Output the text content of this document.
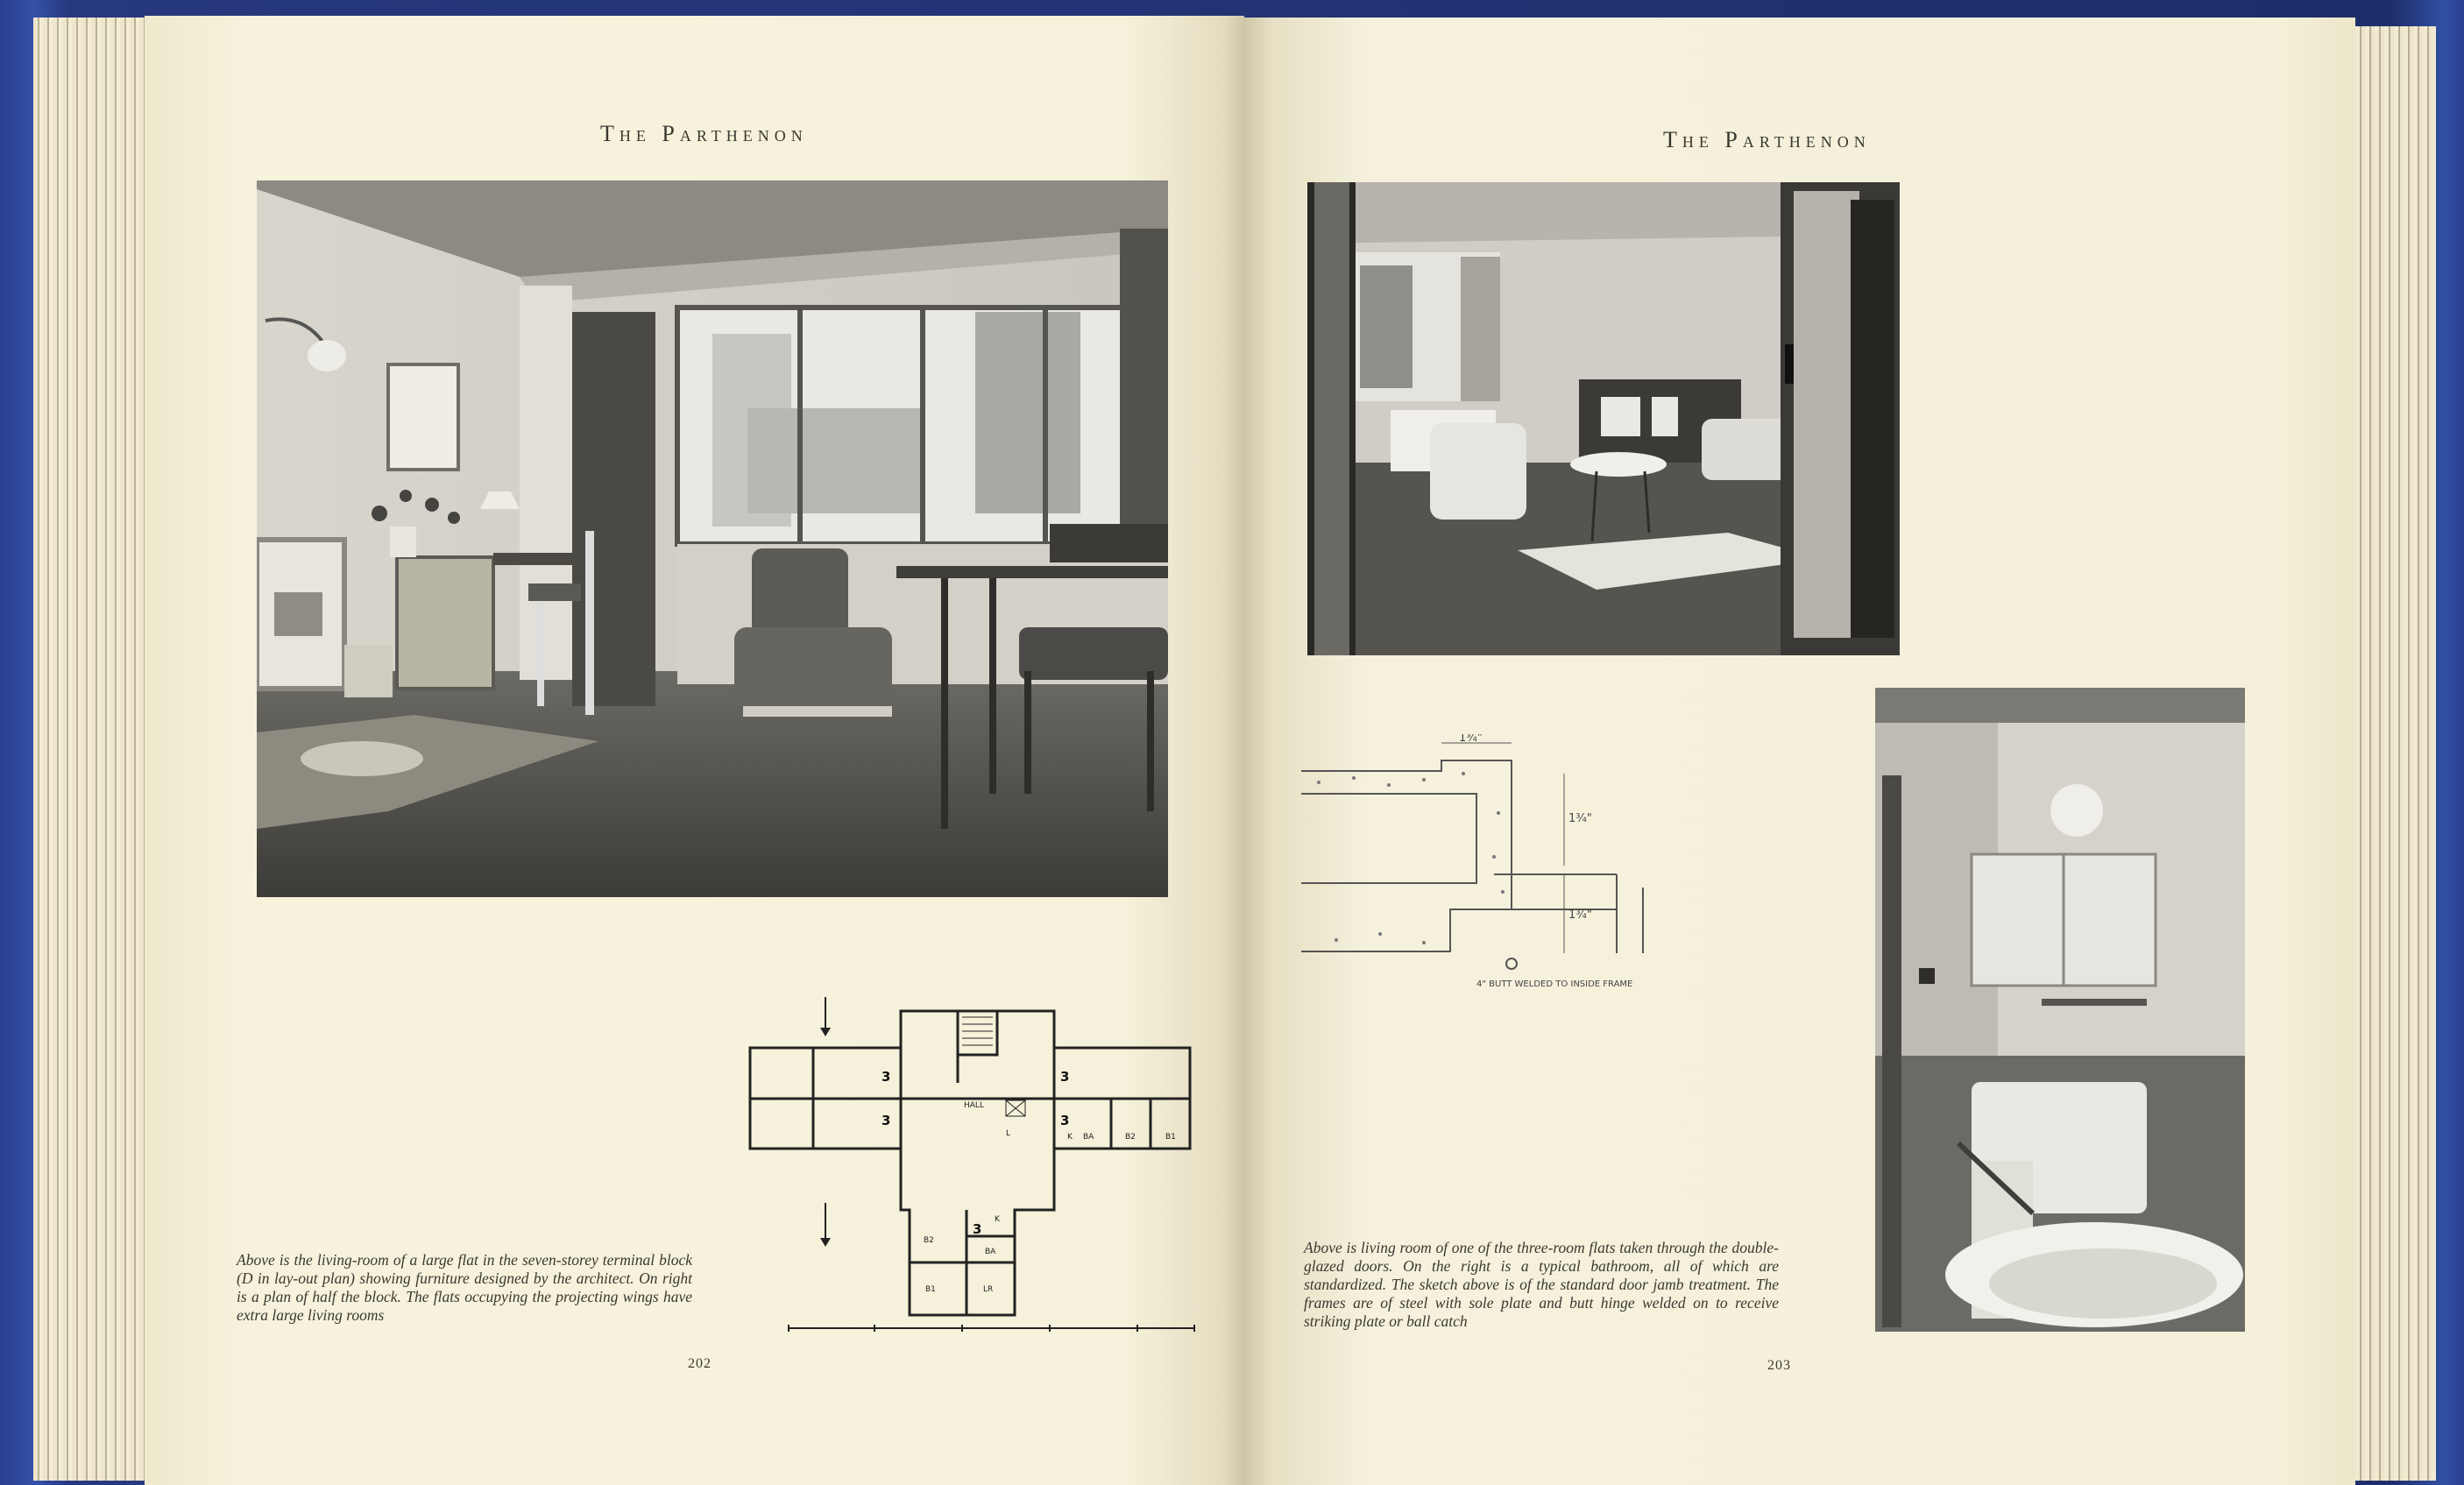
The Parthenon
3	3
3	3
3
HALL
K BA	B2	B1
L
B2
BA
B1	LR
K
Above is the living-room of a large flat in the seven-storey terminal block (D in lay-out plan) showing furniture designed by the architect. On right is a plan of half the block. The flats occupying the projecting wings have extra large living rooms
202
The Parthenon
1¾"
1¾"
1¾"
4" BUTT WELDED TO INSIDE FRAME
Above is living room of one of the three-room flats taken through the double-glazed doors. On the right is a typical bathroom, all of which are standardized. The sketch above is of the standard door jamb treatment. The frames are of steel with sole plate and butt hinge welded on to receive striking plate or ball catch
203
